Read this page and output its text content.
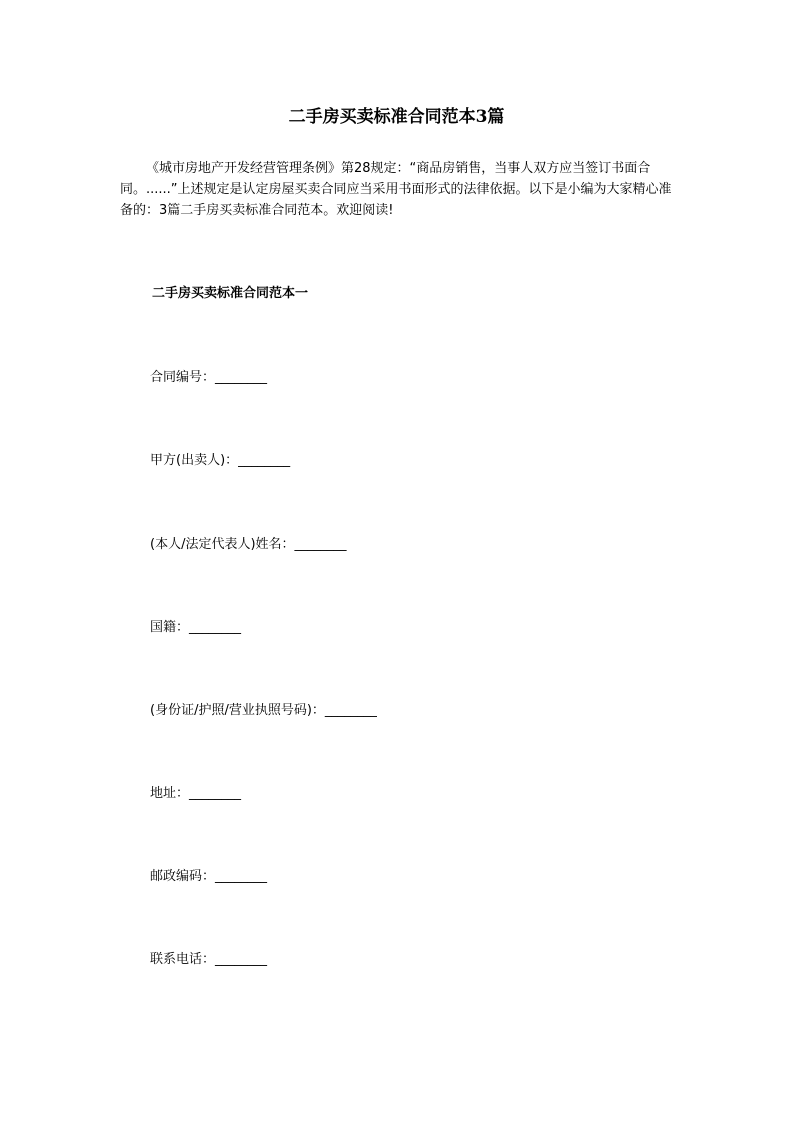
二手房买卖标准合同范本3篇

《城市房地产开发经营管理条例》第28规定：“商品房销售，当事人双方应当签订书面合同。......”上述规定是认定房屋买卖合同应当采用书面形式的法律依据。以下是小编为大家精心准备的：3篇二手房买卖标准合同范本。欢迎阅读!

二手房买卖标准合同范本一

合同编号：________

甲方(出卖人)：________

(本人/法定代表人)姓名：________

国籍：________

(身份证/护照/营业执照号码)：________

地址：________

邮政编码：________

联系电话：________
